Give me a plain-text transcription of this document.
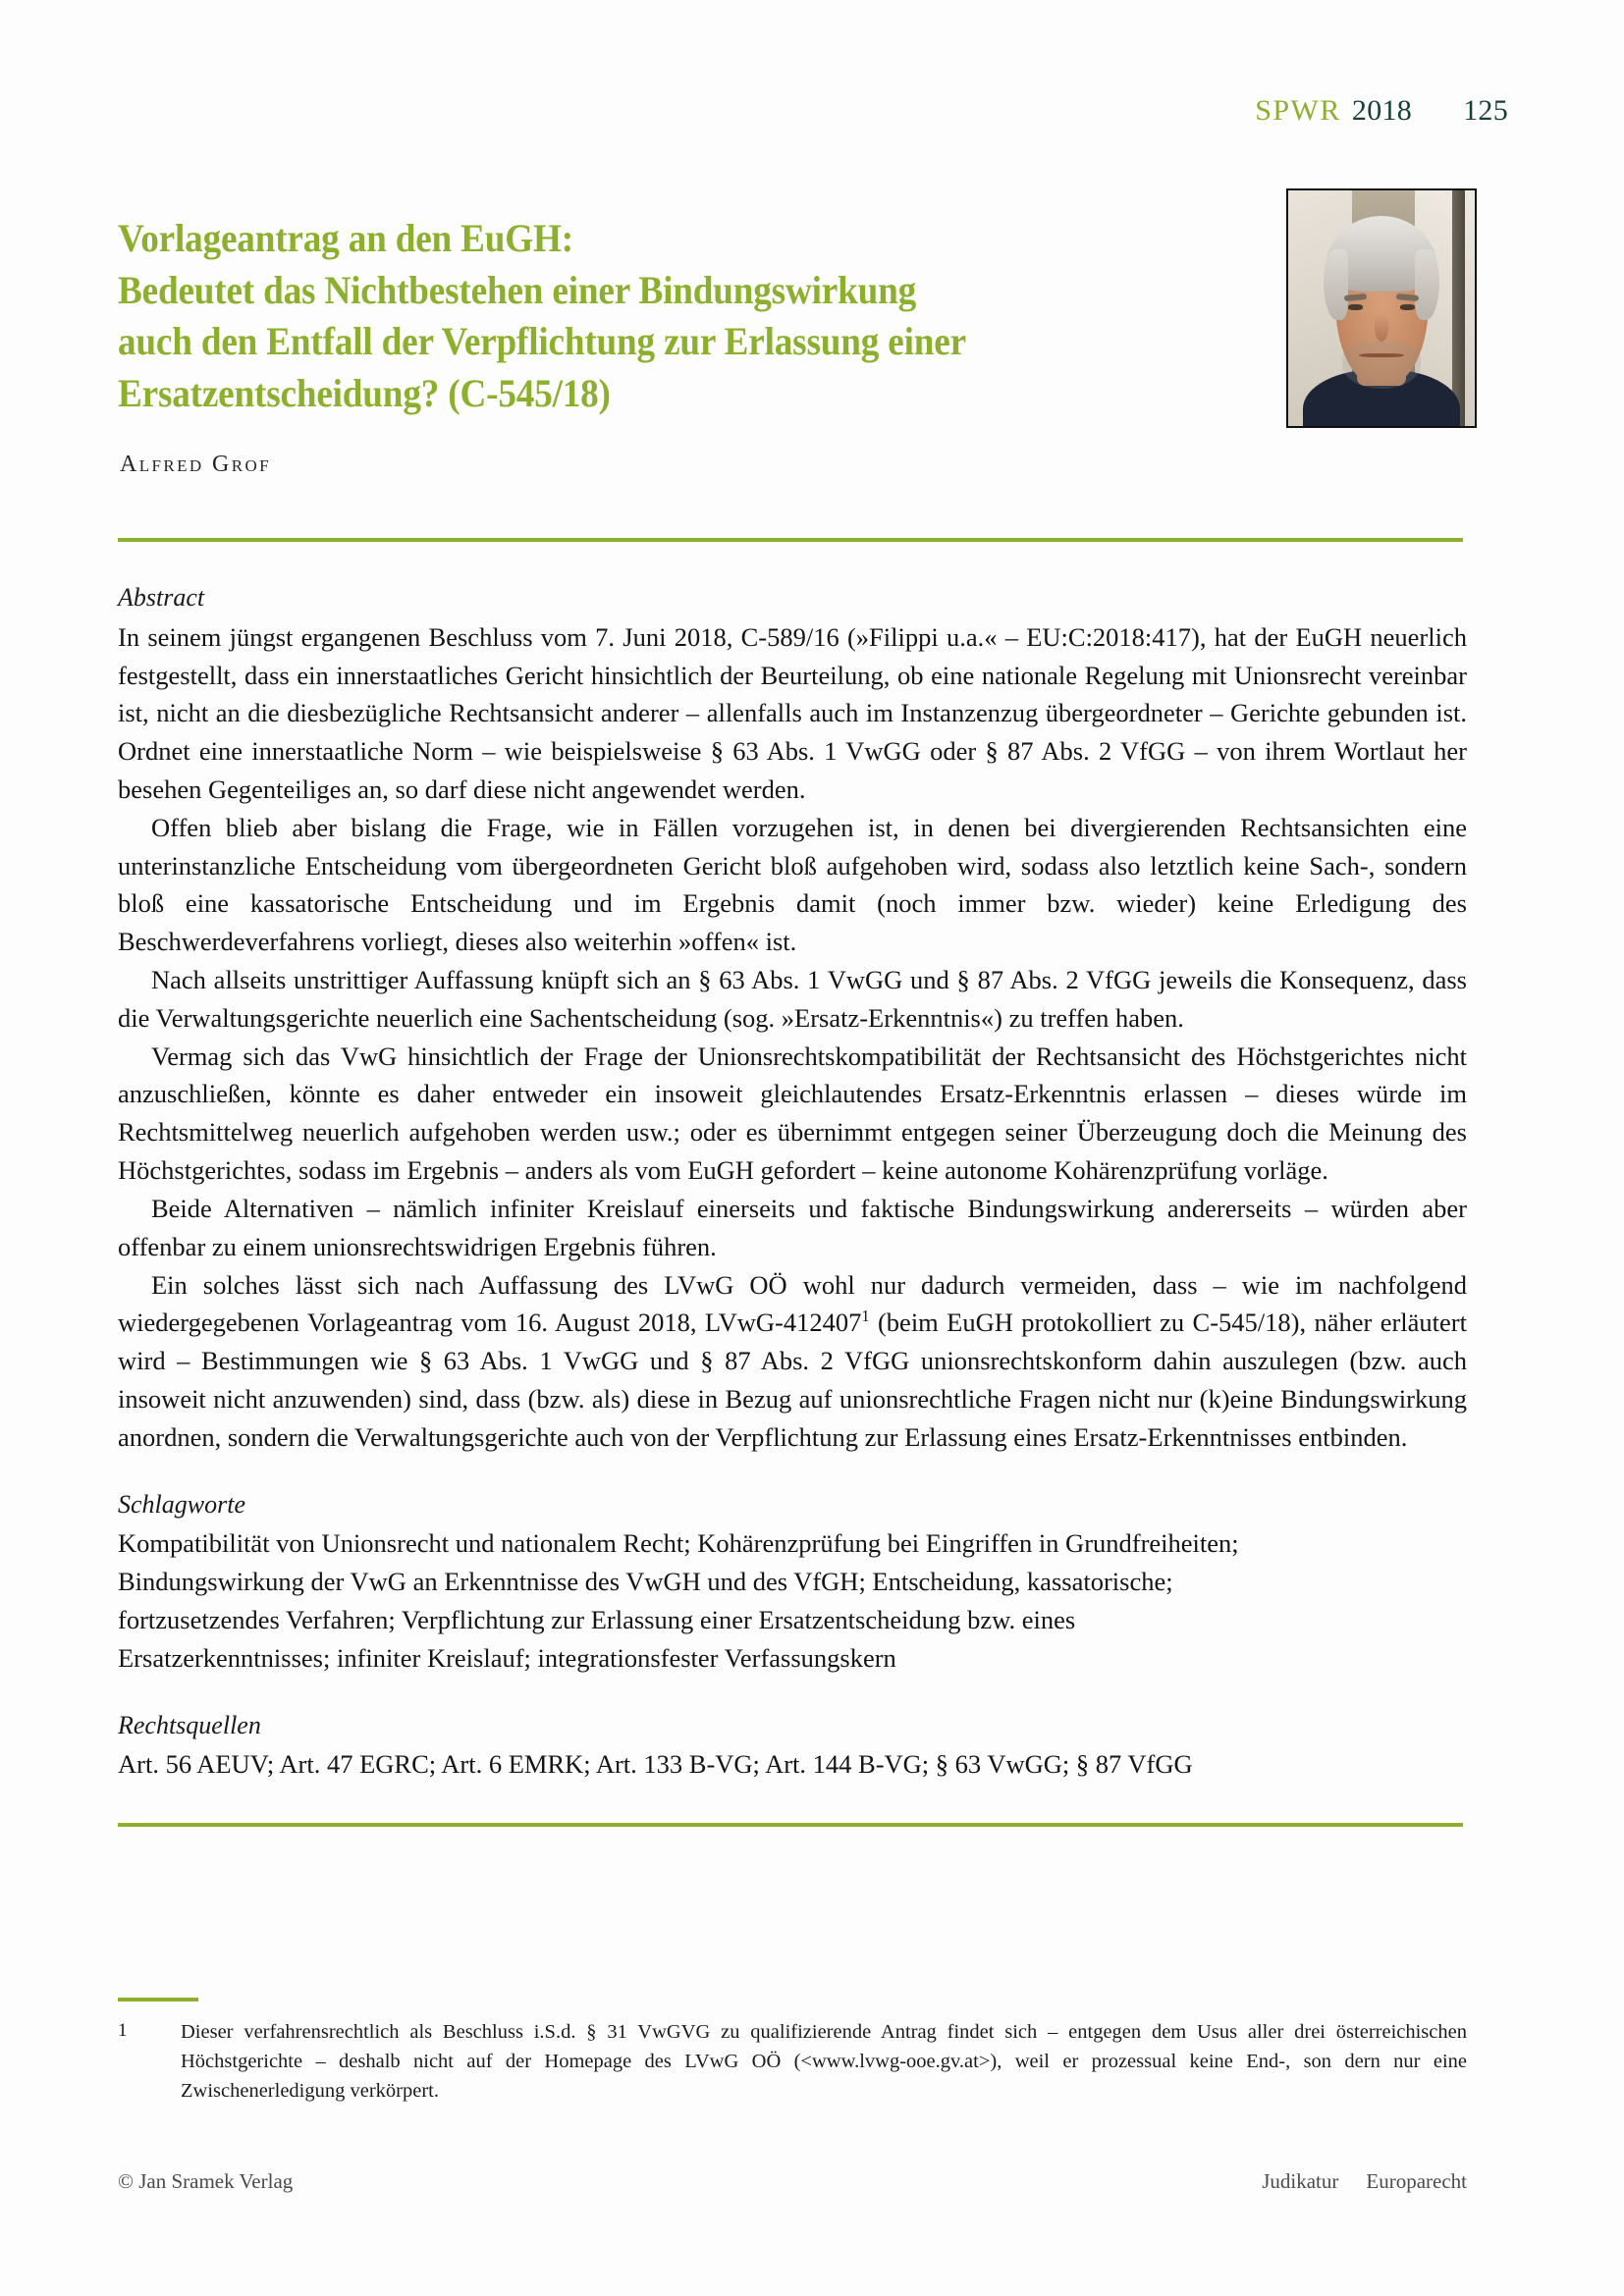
SPWR 2018 125
Vorlageantrag an den EuGH:
Bedeutet das Nichtbestehen einer Bindungswirkung
auch den Entfall der Verpflichtung zur Erlassung einer
Ersatzentscheidung? (C-545/18)
Alfred Grof
Abstract

In seinem jüngst ergangenen Beschluss vom 7. Juni 2018, C-589/16 (»Filippi u.a.« – EU:C:2018:417), hat der EuGH neuerlich festgestellt, dass ein innerstaatliches Gericht hinsichtlich der Beurteilung, ob eine nationale Regelung mit Unionsrecht vereinbar ist, nicht an die diesbezügliche Rechtsansicht anderer – allenfalls auch im Instanzenzug übergeordneter – Gerichte gebunden ist. Ordnet eine innerstaatliche Norm – wie beispielsweise § 63 Abs. 1 VwGG oder § 87 Abs. 2 VfGG – von ihrem Wortlaut her besehen Gegenteiliges an, so darf diese nicht angewendet werden.

Offen blieb aber bislang die Frage, wie in Fällen vorzugehen ist, in denen bei divergierenden Rechtsansichten eine unterinstanzliche Entscheidung vom übergeordneten Gericht bloß aufgehoben wird, sodass also letztlich keine Sach-, sondern bloß eine kassatorische Entscheidung und im Ergebnis damit (noch immer bzw. wieder) keine Erledigung des Beschwerdeverfahrens vorliegt, dieses also weiterhin »offen« ist.

Nach allseits unstrittiger Auffassung knüpft sich an § 63 Abs. 1 VwGG und § 87 Abs. 2 VfGG jeweils die Konsequenz, dass die Verwaltungsgerichte neuerlich eine Sachentscheidung (sog. »Ersatz-Erkenntnis«) zu treffen haben.

Vermag sich das VwG hinsichtlich der Frage der Unionsrechtskompatibilität der Rechtsansicht des Höchstgerichtes nicht anzuschließen, könnte es daher entweder ein insoweit gleichlautendes Ersatz-Erkenntnis erlassen – dieses würde im Rechtsmittelweg neuerlich aufgehoben werden usw.; oder es übernimmt entgegen seiner Überzeugung doch die Meinung des Höchstgerichtes, sodass im Ergebnis – anders als vom EuGH gefordert – keine autonome Kohärenzprüfung vorläge.

Beide Alternativen – nämlich infiniter Kreislauf einerseits und faktische Bindungswirkung andererseits – würden aber offenbar zu einem unionsrechtswidrigen Ergebnis führen.

Ein solches lässt sich nach Auffassung des LVwG OÖ wohl nur dadurch vermeiden, dass – wie im nachfolgend wiedergegebenen Vorlageantrag vom 16. August 2018, LVwG-412407$^1$ (beim EuGH protokolliert zu C-545/18), näher erläutert wird – Bestimmungen wie § 63 Abs. 1 VwGG und § 87 Abs. 2 VfGG unionsrechtskonform dahin auszulegen (bzw. auch insoweit nicht anzuwenden) sind, dass (bzw. als) diese in Bezug auf unionsrechtliche Fragen nicht nur (k)eine Bindungswirkung anordnen, sondern die Verwaltungsgerichte auch von der Verpflichtung zur Erlassung eines Ersatz-Erkenntnisses entbinden.

Schlagworte

Kompatibilität von Unionsrecht und nationalem Recht; Kohärenzprüfung bei Eingriffen in Grundfreiheiten;

Bindungswirkung der VwG an Erkenntnisse des VwGH und des VfGH; Entscheidung, kassatorische;

fortzusetzendes Verfahren; Verpflichtung zur Erlassung einer Ersatzentscheidung bzw. eines

Ersatzerkenntnisses; infiniter Kreislauf; integrationsfester Verfassungskern

Rechtsquellen

Art. 56 AEUV; Art. 47 EGRC; Art. 6 EMRK; Art. 133 B-VG; Art. 144 B-VG; § 63 VwGG; § 87 VfGG

1	Dieser verfahrensrechtlich als Beschluss i.S.d. § 31 VwGVG zu qualifizierende Antrag findet sich – entgegen dem Usus aller drei österreichischen Höchstgerichte – deshalb nicht auf der Homepage des LVwG OÖ (<www.lvwg-ooe.gv.at>), weil er prozessual keine End-, son dern nur eine Zwischenerledigung verkörpert.
© Jan Sramek Verlag	Judikatur Europarecht
